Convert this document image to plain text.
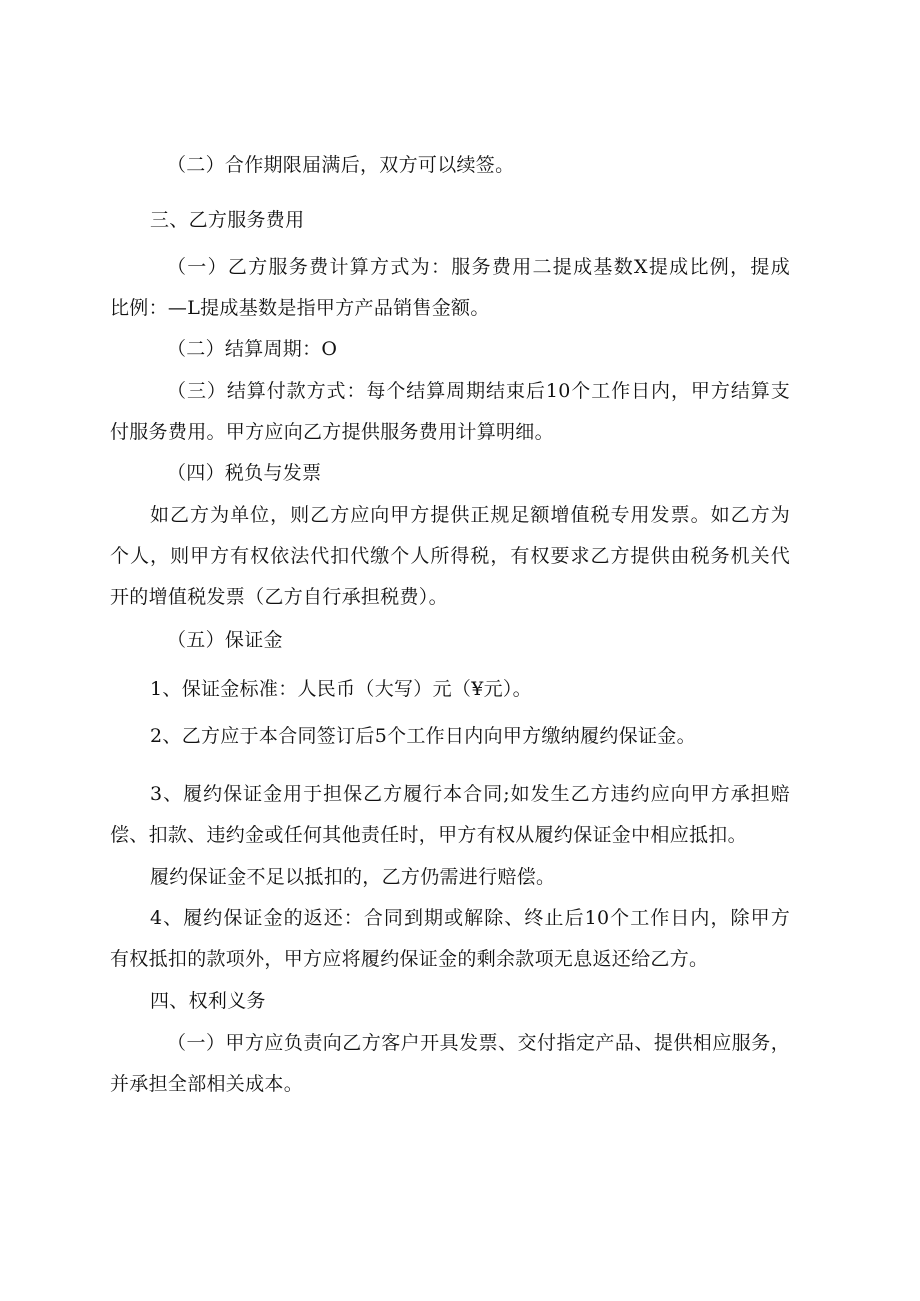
（二）合作期限届满后，双方可以续签。
三、乙方服务费用
（一）乙方服务费计算方式为：服务费用二提成基数X提成比例，提成
比例：—L提成基数是指甲方产品销售金额。
（二）结算周期：O
（三）结算付款方式：每个结算周期结束后10个工作日内，甲方结算支
付服务费用。甲方应向乙方提供服务费用计算明细。
（四）税负与发票
如乙方为单位，则乙方应向甲方提供正规足额增值税专用发票。如乙方为
个人，则甲方有权依法代扣代缴个人所得税，有权要求乙方提供由税务机关代
开的增值税发票（乙方自行承担税费）。
（五）保证金
1、保证金标准：人民币（大写）元（¥元）。
2、乙方应于本合同签订后5个工作日内向甲方缴纳履约保证金。
3、履约保证金用于担保乙方履行本合同;如发生乙方违约应向甲方承担赔
偿、扣款、违约金或任何其他责任时，甲方有权从履约保证金中相应抵扣。
履约保证金不足以抵扣的，乙方仍需进行赔偿。
4、履约保证金的返还：合同到期或解除、终止后10个工作日内，除甲方
有权抵扣的款项外，甲方应将履约保证金的剩余款项无息返还给乙方。
四、权利义务
（一）甲方应负责向乙方客户开具发票、交付指定产品、提供相应服务，
并承担全部相关成本。
